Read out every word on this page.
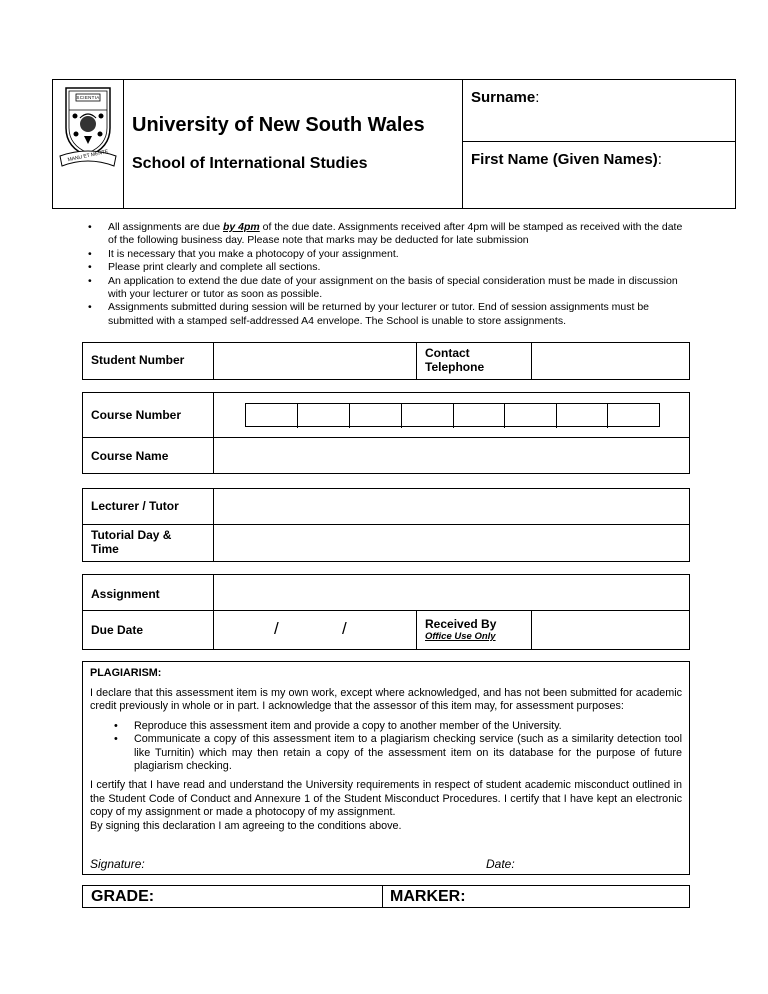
SCIENTIA
MANU ET MENTE
University of New South Wales
School of International Studies
Surname:
First Name (Given Names):
• All assignments are due by 4pm of the due date. Assignments received after 4pm will be stamped as received with the date of the following business day. Please note that marks may be deducted for late submission
• It is necessary that you make a photocopy of your assignment.
• Please print clearly and complete all sections.
• An application to extend the due date of your assignment on the basis of special consideration must be made in discussion with your lecturer or tutor as soon as possible.
• Assignments submitted during session will be returned by your lecturer or tutor. End of session assignments must be submitted with a stamped self-addressed A4 envelope. The School is unable to store assignments.
Student Number	Contact Telephone
Course Number
Course Name
Lecturer / Tutor
Tutorial Day & Time
Assignment
Due Date	/	/	Received By
Office Use Only
PLAGIARISM:
I declare that this assessment item is my own work, except where acknowledged, and has not been submitted for academic credit previously in whole or in part. I acknowledge that the assessor of this item may, for assessment purposes:
• Reproduce this assessment item and provide a copy to another member of the University.
• Communicate a copy of this assessment item to a plagiarism checking service (such as a similarity detection tool like Turnitin) which may then retain a copy of the assessment item on its database for the purpose of future plagiarism checking.
I certify that I have read and understand the University requirements in respect of student academic misconduct outlined in the Student Code of Conduct and Annexure 1 of the Student Misconduct Procedures. I certify that I have kept an electronic copy of my assignment or made a photocopy of my assignment.
By signing this declaration I am agreeing to the conditions above.
Signature:	Date:
GRADE:	MARKER:
